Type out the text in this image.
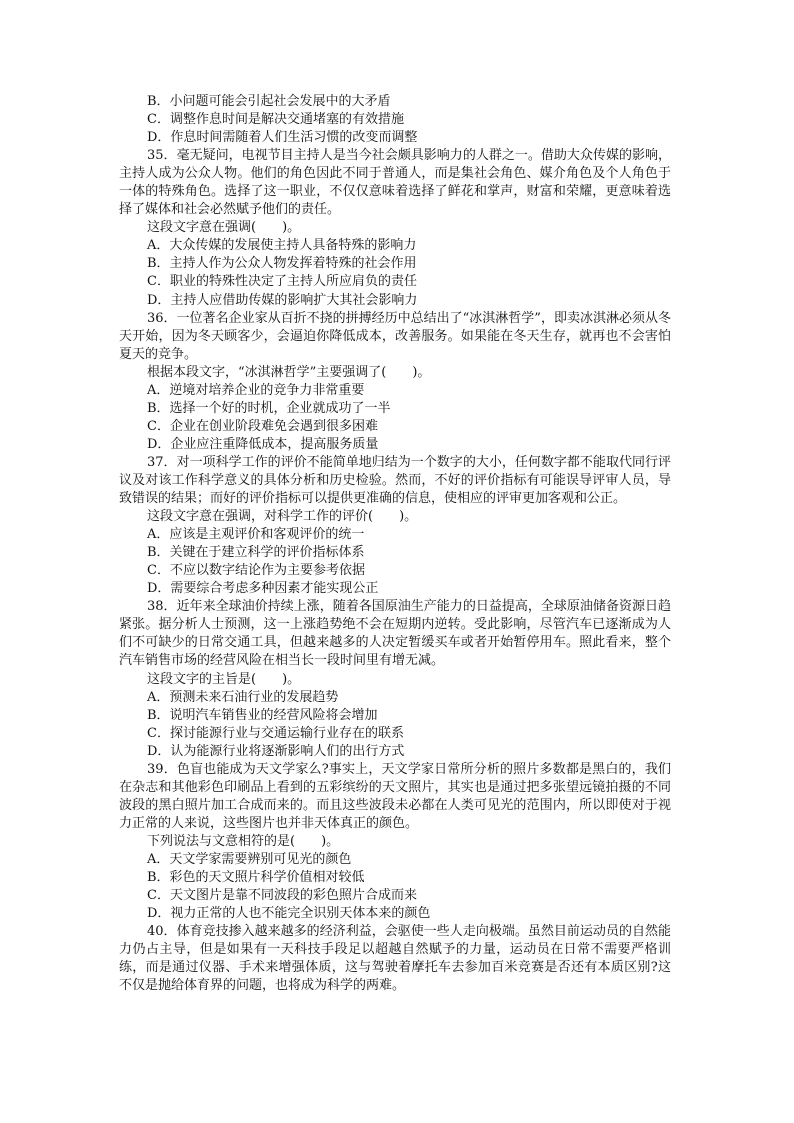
B．小问题可能会引起社会发展中的大矛盾
C．调整作息时间是解决交通堵塞的有效措施
D．作息时间需随着人们生活习惯的改变而调整
35．毫无疑问，电视节目主持人是当今社会颇具影响力的人群之一。借助大众传媒的影响，主持人成为公众人物。他们的角色因此不同于普通人，而是集社会角色、媒介角色及个人角色于一体的特殊角色。选择了这一职业，不仅仅意味着选择了鲜花和掌声，财富和荣耀，更意味着选择了媒体和社会必然赋予他们的责任。
这段文字意在强调(　　)。
A．大众传媒的发展使主持人具备特殊的影响力
B．主持人作为公众人物发挥着特殊的社会作用
C．职业的特殊性决定了主持人所应肩负的责任
D．主持人应借助传媒的影响扩大其社会影响力
36．一位著名企业家从百折不挠的拼搏经历中总结出了“冰淇淋哲学”，即卖冰淇淋必须从冬天开始，因为冬天顾客少，会逼迫你降低成本，改善服务。如果能在冬天生存，就再也不会害怕夏天的竞争。
根据本段文字，“冰淇淋哲学”主要强调了(　　)。
A．逆境对培养企业的竞争力非常重要
B．选择一个好的时机，企业就成功了一半
C．企业在创业阶段难免会遇到很多困难
D．企业应注重降低成本，提高服务质量
37．对一项科学工作的评价不能简单地归结为一个数字的大小，任何数字都不能取代同行评议及对该工作科学意义的具体分析和历史检验。然而，不好的评价指标有可能误导评审人员，导致错误的结果；而好的评价指标可以提供更准确的信息，使相应的评审更加客观和公正。
这段文字意在强调，对科学工作的评价(　　)。
A．应该是主观评价和客观评价的统一
B．关键在于建立科学的评价指标体系
C．不应以数字结论作为主要参考依据
D．需要综合考虑多种因素才能实现公正
38．近年来全球油价持续上涨，随着各国原油生产能力的日益提高，全球原油储备资源日趋紧张。据分析人士预测，这一上涨趋势绝不会在短期内逆转。受此影响，尽管汽车已逐渐成为人们不可缺少的日常交通工具，但越来越多的人决定暂缓买车或者开始暂停用车。照此看来，整个汽车销售市场的经营风险在相当长一段时间里有增无减。
这段文字的主旨是(　　)。
A．预测未来石油行业的发展趋势
B．说明汽车销售业的经营风险将会增加
C．探讨能源行业与交通运输行业存在的联系
D．认为能源行业将逐渐影响人们的出行方式
39．色盲也能成为天文学家么?事实上，天文学家日常所分析的照片多数都是黑白的，我们在杂志和其他彩色印刷品上看到的五彩缤纷的天文照片，其实也是通过把多张望远镜拍摄的不同波段的黑白照片加工合成而来的。而且这些波段未必都在人类可见光的范围内，所以即使对于视力正常的人来说，这些图片也并非天体真正的颜色。
下列说法与文意相符的是(　　)。
A．天文学家需要辨别可见光的颜色
B．彩色的天文照片科学价值相对较低
C．天文图片是靠不同波段的彩色照片合成而来
D．视力正常的人也不能完全识别天体本来的颜色
40．体育竞技掺入越来越多的经济利益，会驱使一些人走向极端。虽然目前运动员的自然能力仍占主导，但是如果有一天科技手段足以超越自然赋予的力量，运动员在日常不需要严格训练，而是通过仪器、手术来增强体质，这与驾驶着摩托车去参加百米竞赛是否还有本质区别?这不仅是抛给体育界的问题，也将成为科学的两难。
